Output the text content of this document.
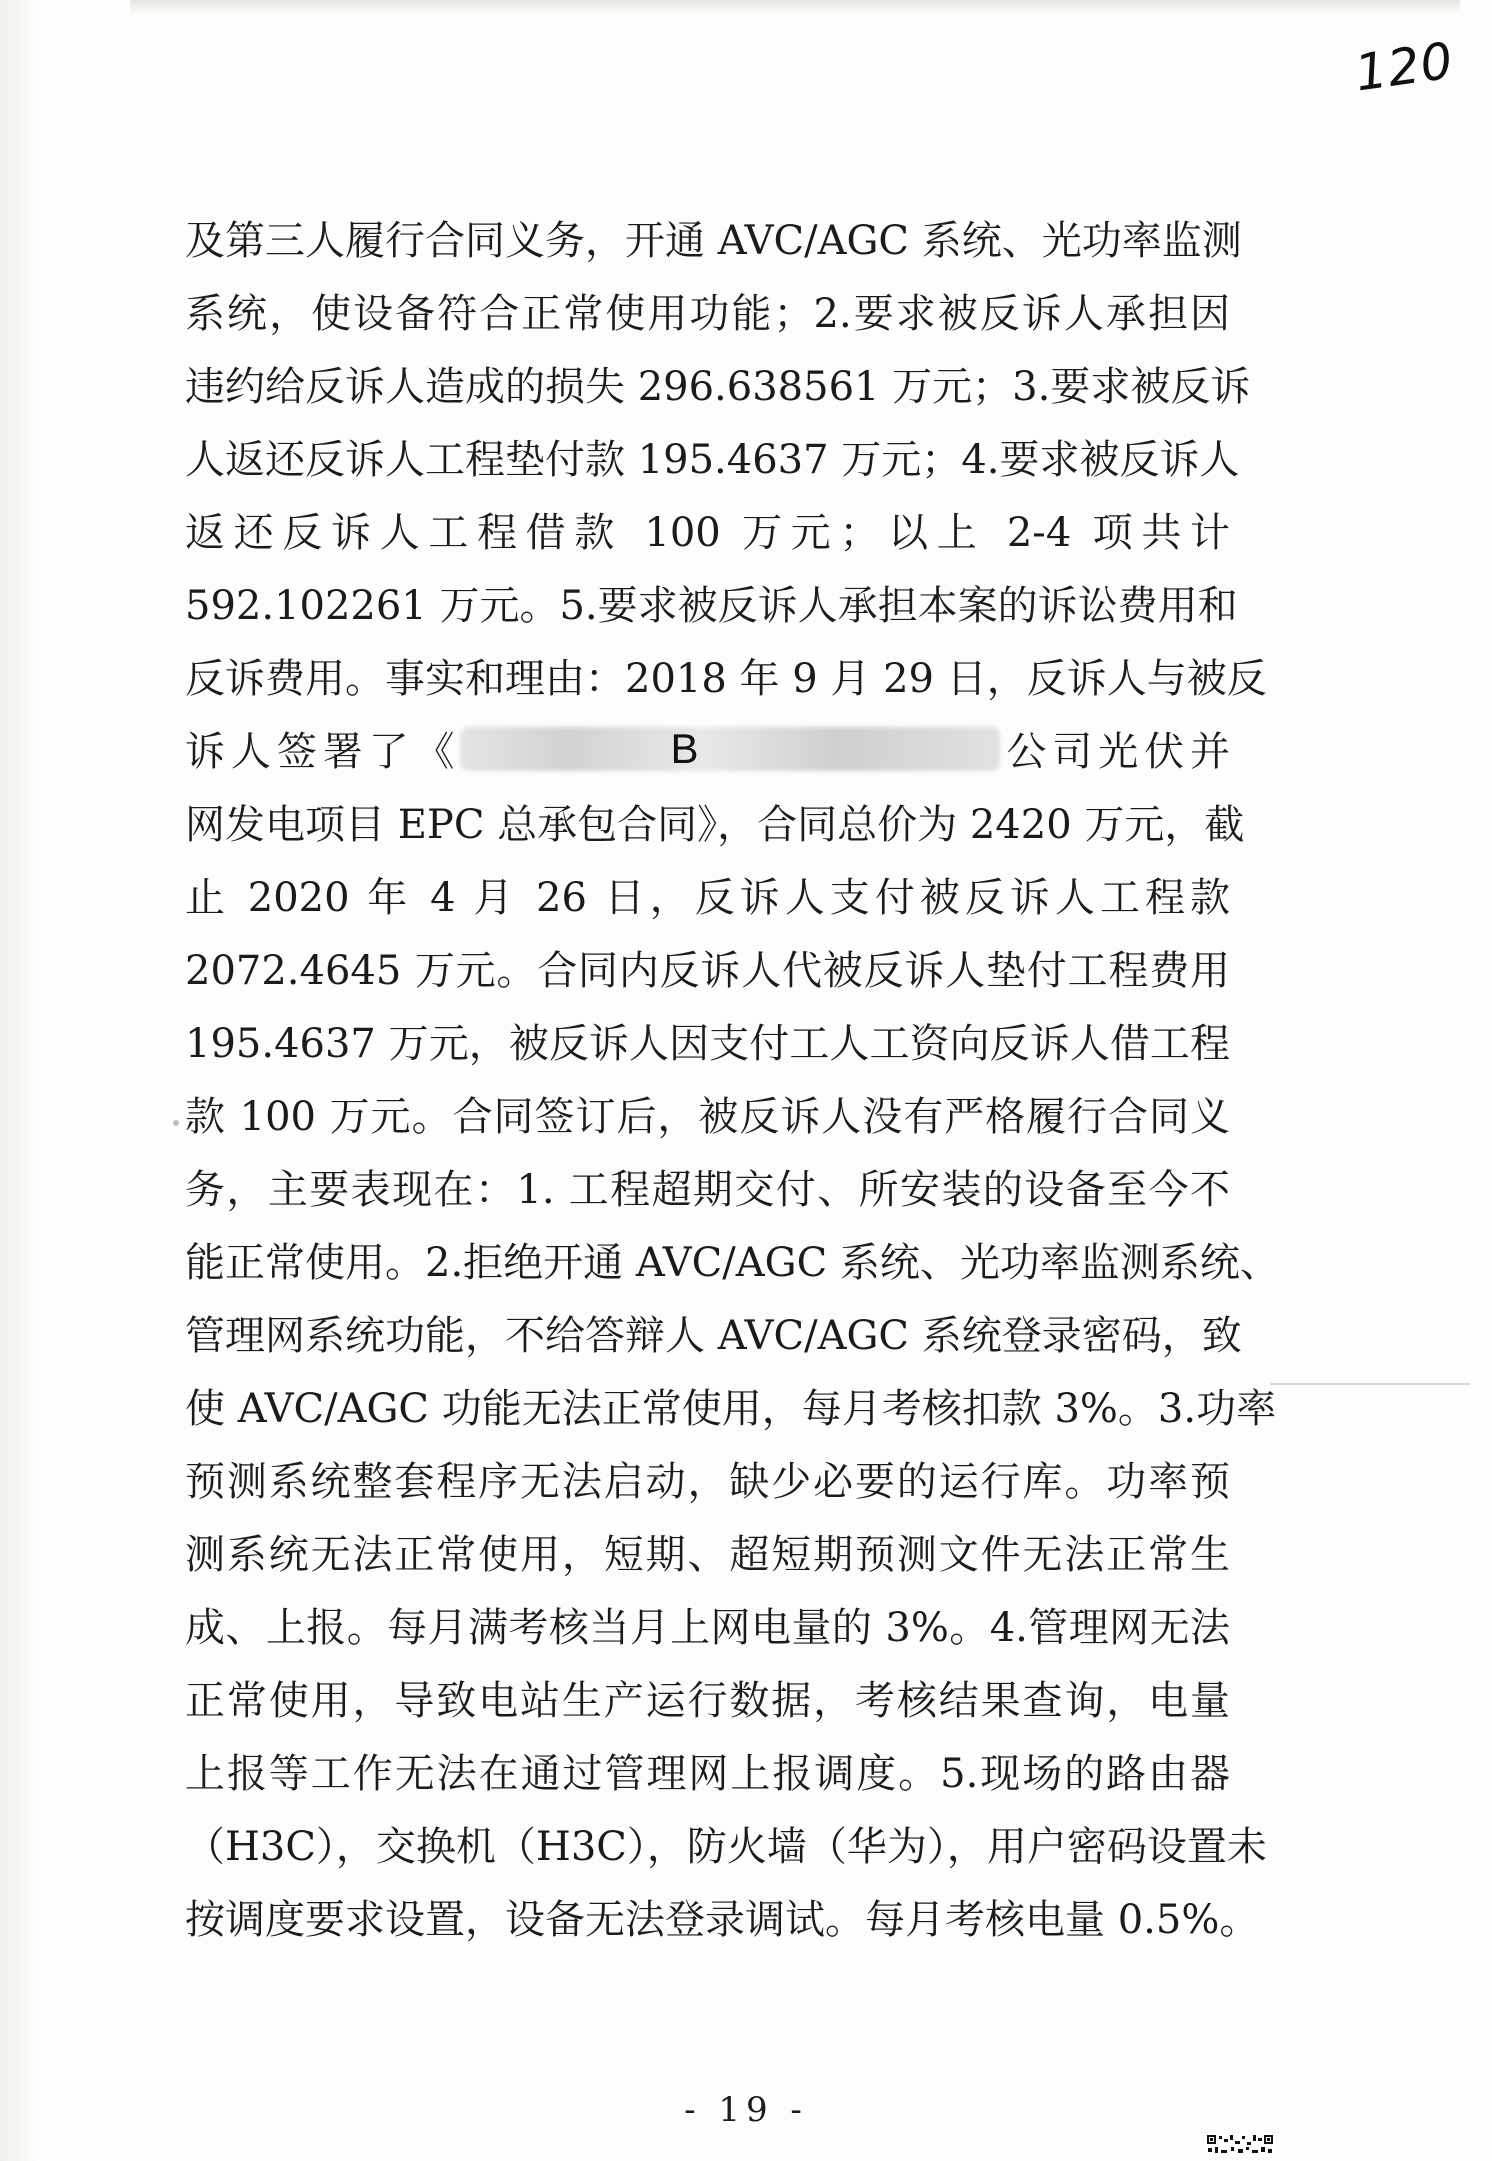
120
及第三人履行合同义务，开通 AVC/AGC 系统、光功率监测
系统，使设备符合正常使用功能；2.要求被反诉人承担因
违约给反诉人造成的损失 296.638561 万元；3.要求被反诉
人返还反诉人工程垫付款 195.4637 万元；4.要求被反诉人
返还反诉人工程借款 100 万元；以上 2-4 项共计
592.102261 万元。5.要求被反诉人承担本案的诉讼费用和
反诉费用。事实和理由：2018 年 9 月 29 日，反诉人与被反
诉人签署了《	B	公司光伏并
网发电项目 EPC 总承包合同》，合同总价为 2420 万元，截
止 2020 年 4 月 26 日，反诉人支付被反诉人工程款
2072.4645 万元。合同内反诉人代被反诉人垫付工程费用
195.4637 万元，被反诉人因支付工人工资向反诉人借工程
款 100 万元。合同签订后，被反诉人没有严格履行合同义
务，主要表现在：1. 工程超期交付、所安装的设备至今不
能正常使用。2.拒绝开通 AVC/AGC 系统、光功率监测系统、
管理网系统功能，不给答辩人 AVC/AGC 系统登录密码，致
使 AVC/AGC 功能无法正常使用，每月考核扣款 3%。3.功率
预测系统整套程序无法启动，缺少必要的运行库。功率预
测系统无法正常使用，短期、超短期预测文件无法正常生
成、上报。每月满考核当月上网电量的 3%。4.管理网无法
正常使用，导致电站生产运行数据，考核结果查询，电量
上报等工作无法在通过管理网上报调度。5.现场的路由器
（H3C），交换机（H3C），防火墙（华为），用户密码设置未
按调度要求设置，设备无法登录调试。每月考核电量 0.5%。
- 19 -
